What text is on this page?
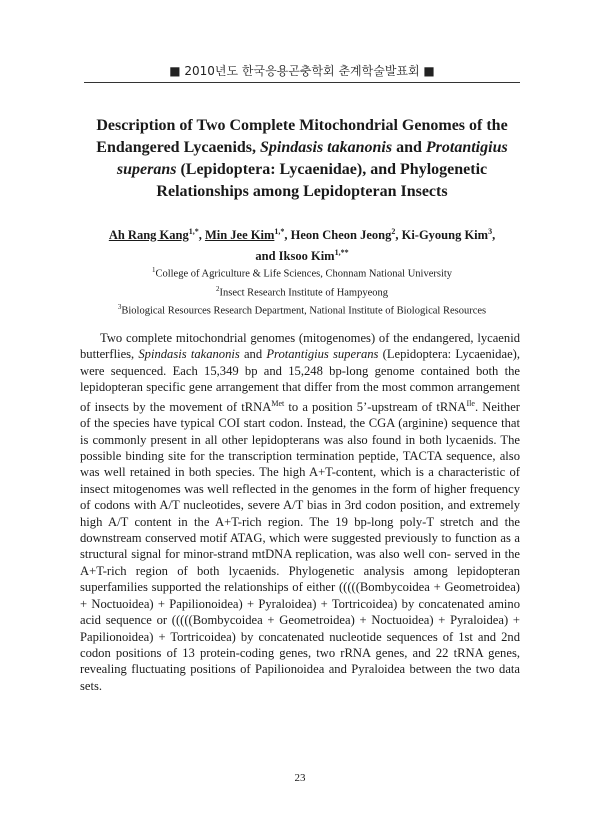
■ 2010년도 한국응용곤충학회 춘계학술발표회 ■
Description of Two Complete Mitochondrial Genomes of the Endangered Lycaenids, Spindasis takanonis and Protantigius superans (Lepidoptera: Lycaenidae), and Phylogenetic Relationships among Lepidopteran Insects
Ah Rang Kang$^{1,*}$, Min Jee Kim$^{1,*}$, Heon Cheon Jeong$^2$, Ki-Gyoung Kim$^3$,
and Iksoo Kim$^{1,**}$
$^1$College of Agriculture & Life Sciences, Chonnam National University
$^2$Insect Research Institute of Hampyeong
$^3$Biological Resources Research Department, National Institute of Biological Resources

Two complete mitochondrial genomes (mitogenomes) of the endangered, lycaenid butterflies, Spindasis takanonis and Protantigius superans (Lepidoptera: Lycaenidae), were sequenced. Each 15,349 bp and 15,248 bp-long genome contained both the lepidopteran specific gene arrangement that differ from the most common arrangement of insects by the movement of tRNA$^{Met}$ to a position 5’-upstream of tRNA$^{Ile}$. Neither of the species have typical COI start codon. Instead, the CGA (arginine) sequence that is commonly present in all other lepidopterans was also found in both lycaenids. The possible binding site for the transcription termination peptide, TACTA sequence, also was well retained in both species. The high A+T-content, which is a characteristic of insect mitogenomes was well reflected in the genomes in the form of higher frequency of codons with A/T nucleotides, severe A/T bias in 3rd codon position, and extremely high A/T content in the A+T-rich region. The 19 bp-long poly-T stretch and the downstream conserved motif ATAG, which were suggested previously to function as a structural signal for minor-strand mtDNA replication, was also well con- served in the A+T-rich region of both lycaenids. Phylogenetic analysis among lepidopteran superfamilies supported the relationships of either (((((Bombycoidea + Geometroidea) + Noctuoidea) + Papilionoidea) + Pyraloidea) + Tortricoidea) by concatenated amino acid sequence or (((((Bombycoidea + Geometroidea) + Noctuoidea) + Pyraloidea) + Papilionoidea) + Tortricoidea) by concatenated nucleotide sequences of 1st and 2nd codon positions of 13 protein-coding genes, two rRNA genes, and 22 tRNA genes, revealing fluctuating positions of Papilionoidea and Pyraloidea between the two data sets.

23
